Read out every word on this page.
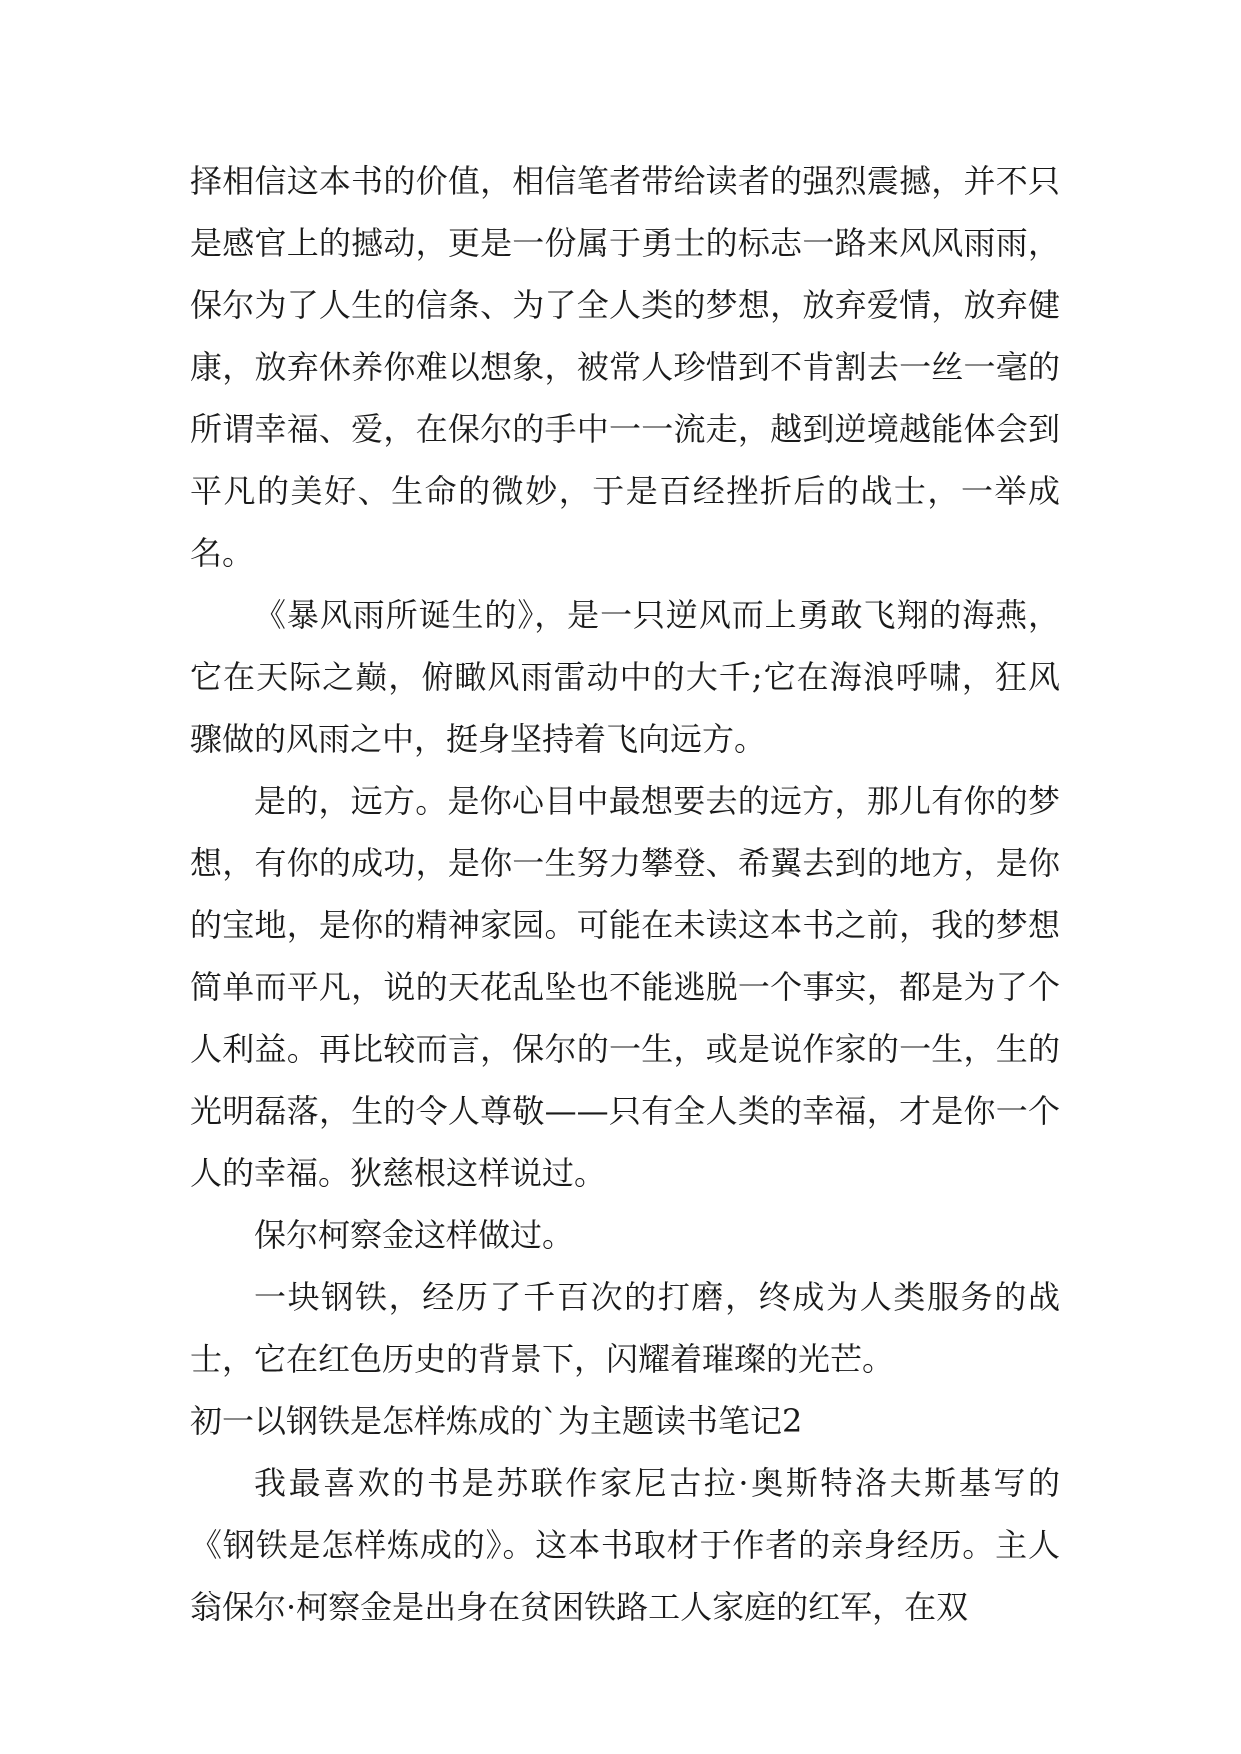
择相信这本书的价值，相信笔者带给读者的强烈震撼，并不只是感官上的撼动，更是一份属于勇士的标志一路来风风雨雨，保尔为了人生的信条、为了全人类的梦想，放弃爱情，放弃健康，放弃休养你难以想象，被常人珍惜到不肯割去一丝一毫的所谓幸福、爱，在保尔的手中一一流走，越到逆境越能体会到平凡的美好、生命的微妙，于是百经挫折后的战士，一举成名。

《暴风雨所诞生的》，是一只逆风而上勇敢飞翔的海燕，它在天际之巅，俯瞰风雨雷动中的大千;它在海浪呼啸，狂风骤做的风雨之中，挺身坚持着飞向远方。

是的，远方。是你心目中最想要去的远方，那儿有你的梦想，有你的成功，是你一生努力攀登、希翼去到的地方，是你的宝地，是你的精神家园。可能在未读这本书之前，我的梦想简单而平凡，说的天花乱坠也不能逃脱一个事实，都是为了个人利益。再比较而言，保尔的一生，或是说作家的一生，生的光明磊落，生的令人尊敬——只有全人类的幸福，才是你一个人的幸福。狄慈根这样说过。

保尔柯察金这样做过。

一块钢铁，经历了千百次的打磨，终成为人类服务的战士，它在红色历史的背景下，闪耀着璀璨的光芒。

初一以钢铁是怎样炼成的`为主题读书笔记2

我最喜欢的书是苏联作家尼古拉·奥斯特洛夫斯基写的《钢铁是怎样炼成的》。这本书取材于作者的亲身经历。主人翁保尔·柯察金是出身在贫困铁路工人家庭的红军，在双
